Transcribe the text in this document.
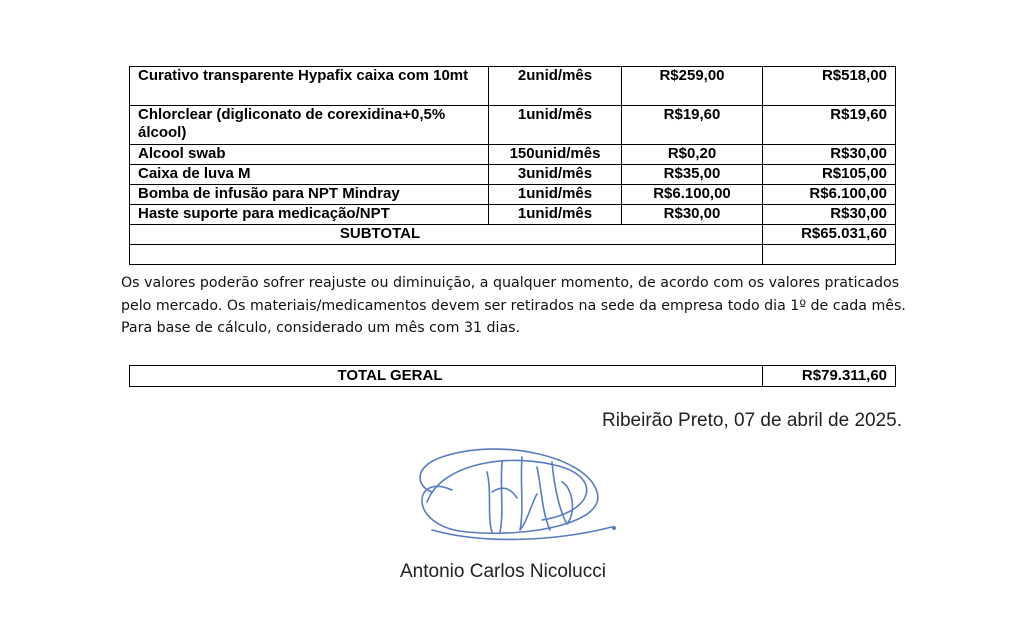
Curativo transparente Hypafix caixa com 10mt	2unid/mês	R$259,00	R$518,00
Chlorclear (digliconato de corexidina+0,5% álcool)	1unid/mês	R$19,60	R$19,60
Alcool swab	150unid/mês	R$0,20	R$30,00
Caixa de luva M	3unid/mês	R$35,00	R$105,00
Bomba de infusão para NPT Mindray	1unid/mês	R$6.100,00	R$6.100,00
Haste suporte para medicação/NPT	1unid/mês	R$30,00	R$30,00
SUBTOTAL			R$65.031,60

Os valores poderão sofrer reajuste ou diminuição, a qualquer momento, de acordo com os valores praticados pelo mercado. Os materiais/medicamentos devem ser retirados na sede da empresa todo dia 1º de cada mês. Para base de cálculo, considerado um mês com 31 dias.

TOTAL GERAL	R$79.311,60
Ribeirão Preto, 07 de abril de 2025.
Antonio Carlos Nicolucci
